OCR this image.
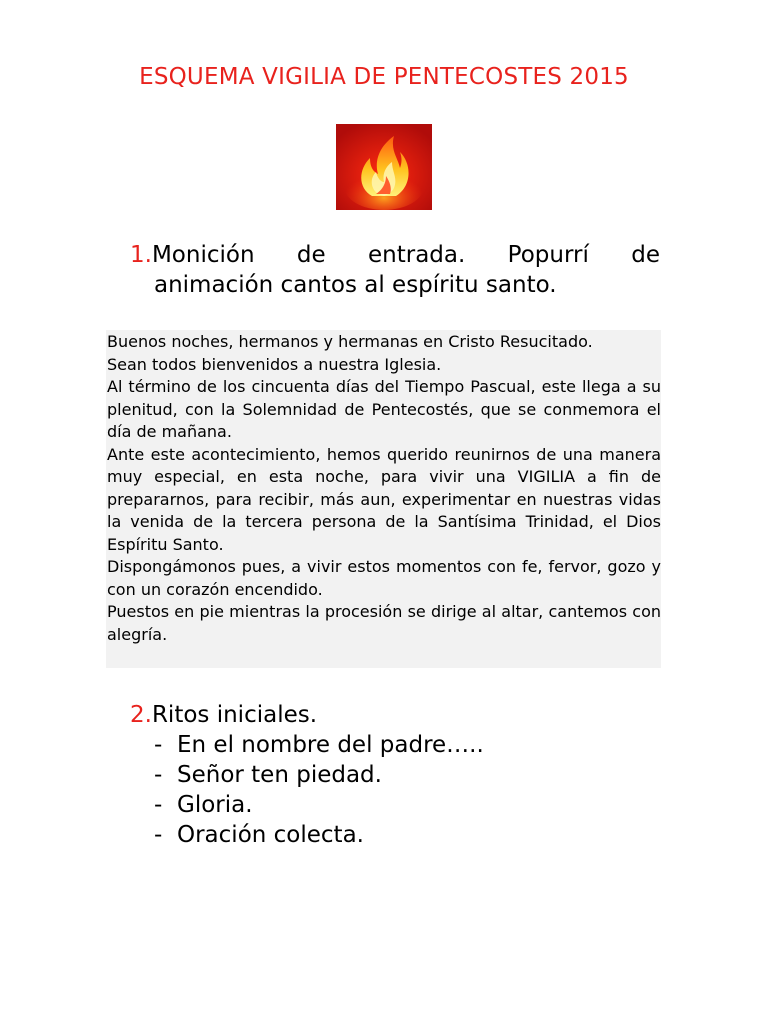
ESQUEMA VIGILIA DE PENTECOSTES 2015
1.Monición de entrada. Popurrí de
animación cantos al espíritu santo.

Buenos noches, hermanos y hermanas en Cristo Resucitado.

Sean todos bienvenidos a nuestra Iglesia.

Al término de los cincuenta días del Tiempo Pascual, este llega a su plenitud, con la Solemnidad de Pentecostés, que se conmemora el día de mañana.

Ante este acontecimiento, hemos querido reunirnos de una manera muy especial, en esta noche, para vivir una VIGILIA a fin de prepararnos, para recibir, más aun, experimentar en nuestras vidas la venida de la tercera persona de la Santísima Trinidad, el Dios Espíritu Santo.

Dispongámonos pues, a vivir estos momentos con fe, fervor, gozo y con un corazón encendido.

Puestos en pie mientras la procesión se dirige al altar, cantemos con alegría.

2.Ritos iniciales.
- En el nombre del padre…..
- Señor ten piedad.
- Gloria.
- Oración colecta.
